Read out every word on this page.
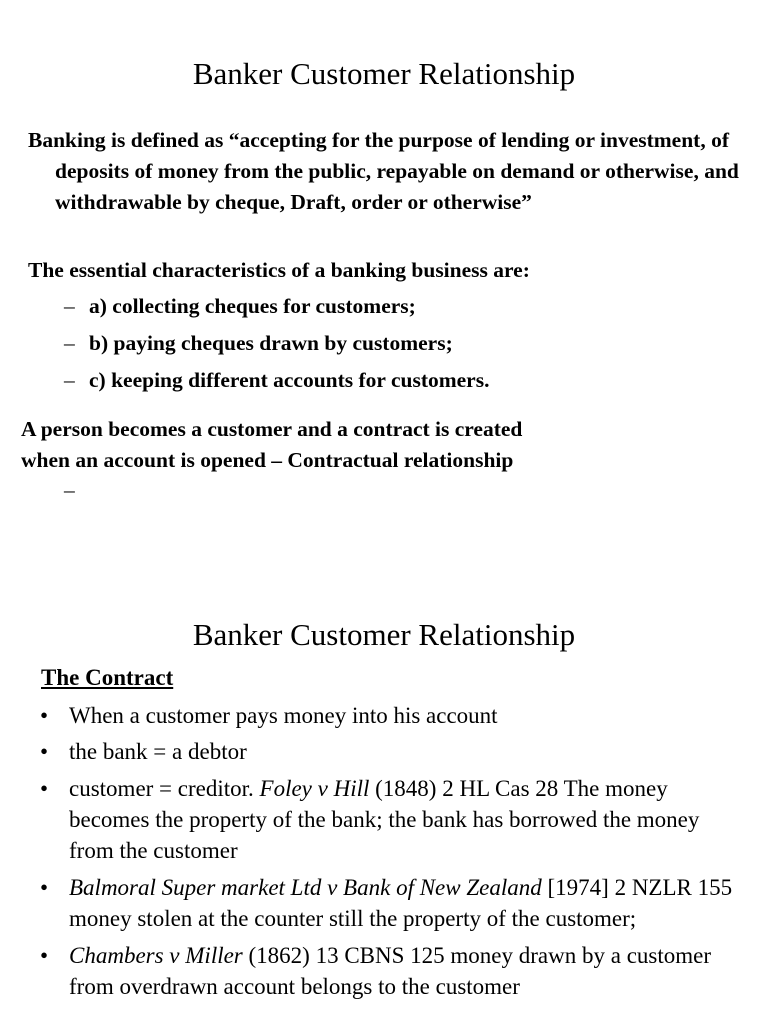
Banker Customer Relationship

Banking is defined as “accepting for the purpose of lending or investment, of deposits of money from the public, repayable on demand or otherwise, and withdrawable by cheque, Draft, order or otherwise”

The essential characteristics of a banking business are:

– a) collecting cheques for customers;
– b) paying cheques drawn by customers;
– c) keeping different accounts for customers.

A person becomes a customer and a contract is created
when an account is opened – Contractual relationship

–
Banker Customer Relationship
The Contract
• When a customer pays money into his account
• the bank = a debtor
• customer = creditor. Foley v Hill (1848) 2 HL Cas 28 The money becomes the property of the bank; the bank has borrowed the money from the customer
• Balmoral Super market Ltd v Bank of New Zealand [1974] 2 NZLR 155 money stolen at the counter still the property of the customer;
• Chambers v Miller (1862) 13 CBNS 125 money drawn by a customer from overdrawn account belongs to the customer
